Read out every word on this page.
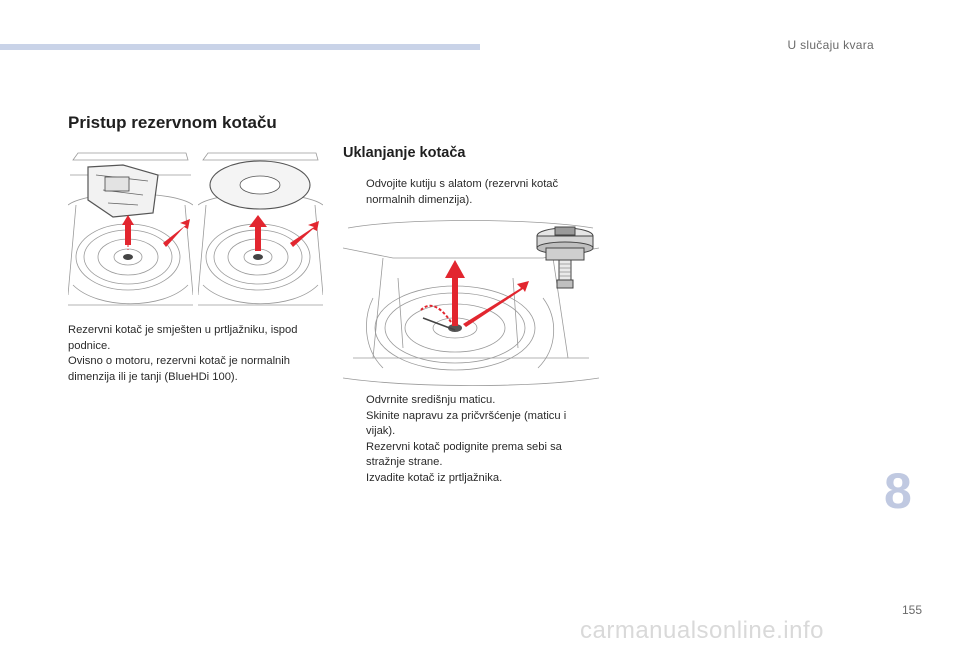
U slučaju kvara
Pristup rezervnom kotaču
Uklanjanje kotača
Rezervni kotač je smješten u prtljažniku, ispod
podnice.
Ovisno o motoru, rezervni kotač je normalnih
dimenzija ili je tanji (BlueHDi 100).
Odvojite kutiju s alatom (rezervni kotač normalnih dimenzija).
Odvrnite središnju maticu.
Skinite napravu za pričvršćenje (maticu i vijak).
Rezervni kotač podignite prema sebi sa stražnje strane.
Izvadite kotač iz prtljažnika.	8
155
carmanualsonline.info
